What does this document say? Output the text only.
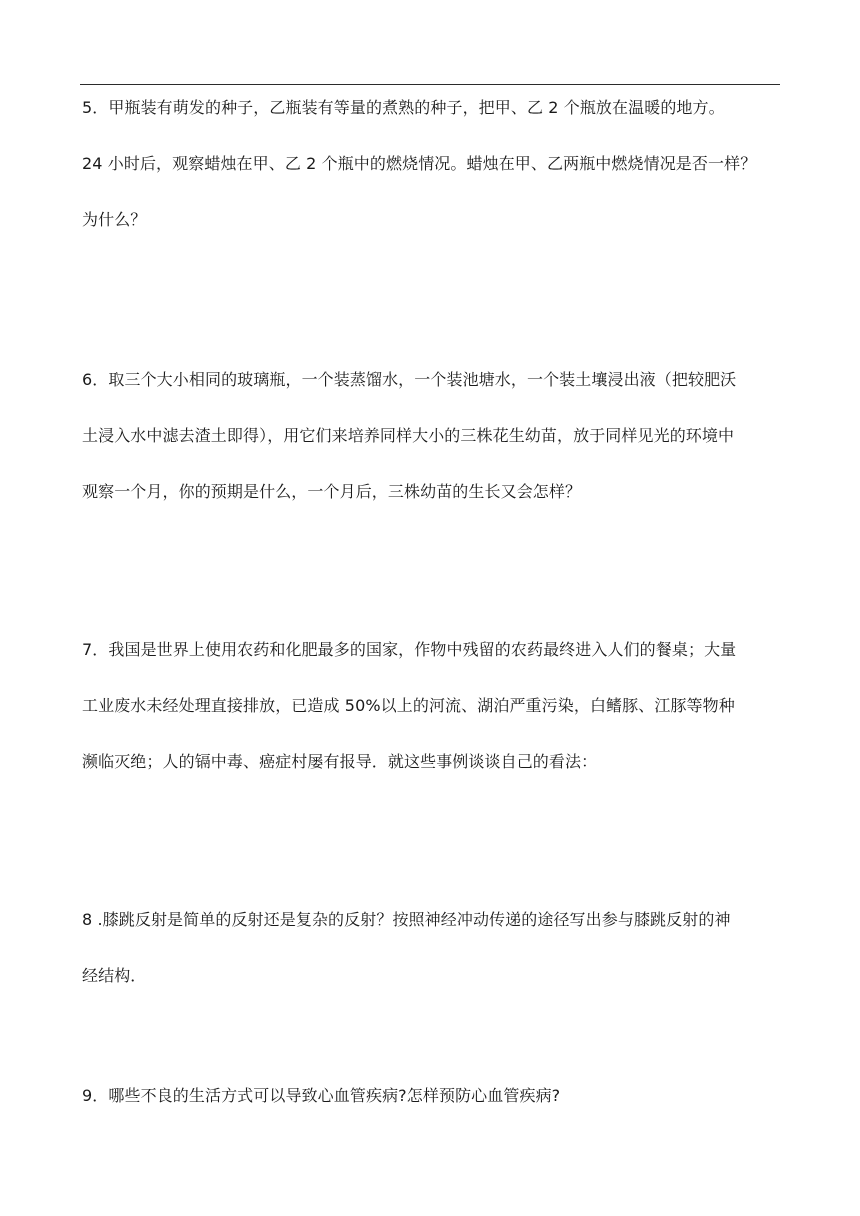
5．甲瓶装有萌发的种子，乙瓶装有等量的煮熟的种子，把甲、乙 2 个瓶放在温暖的地方。
24 小时后，观察蜡烛在甲、乙 2 个瓶中的燃烧情况。蜡烛在甲、乙两瓶中燃烧情况是否一样？
为什么？
6．取三个大小相同的玻璃瓶，一个装蒸馏水，一个装池塘水，一个装土壤浸出液（把较肥沃
土浸入水中滤去渣土即得），用它们来培养同样大小的三株花生幼苗，放于同样见光的环境中
观察一个月，你的预期是什么，一个月后，三株幼苗的生长又会怎样？
7．我国是世界上使用农药和化肥最多的国家，作物中残留的农药最终进入人们的餐桌；大量
工业废水未经处理直接排放，已造成 50%以上的河流、湖泊严重污染，白鳍豚、江豚等物种
濒临灭绝；人的镉中毒、癌症村屡有报导．就这些事例谈谈自己的看法：
8 .膝跳反射是简单的反射还是复杂的反射？按照神经冲动传递的途径写出参与膝跳反射的神
经结构．
9．哪些不良的生活方式可以导致心血管疾病?怎样预防心血管疾病?
